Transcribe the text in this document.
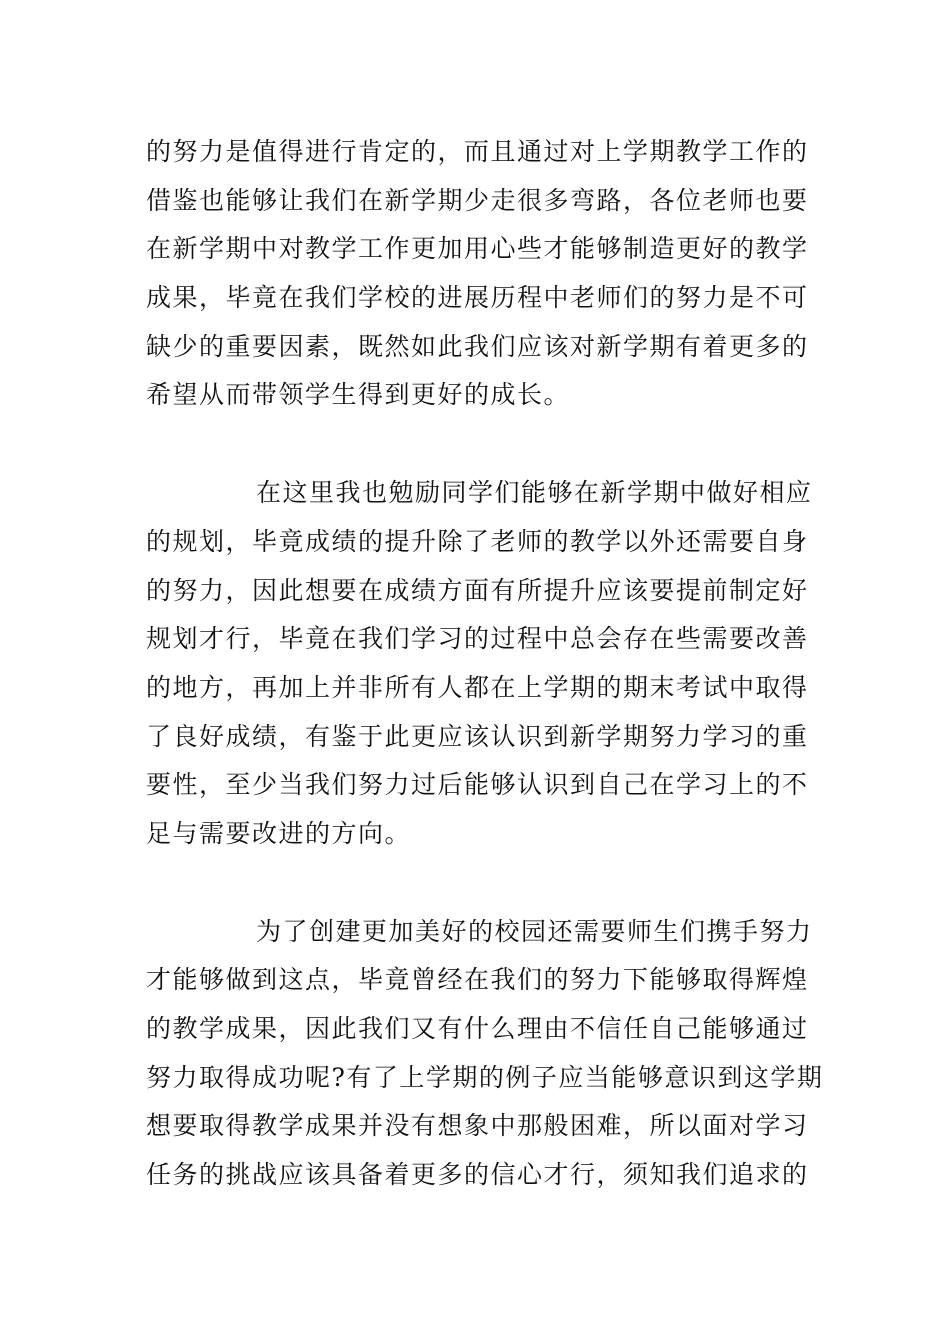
的努力是值得进行肯定的，而且通过对上学期教学工作的
借鉴也能够让我们在新学期少走很多弯路，各位老师也要
在新学期中对教学工作更加用心些才能够制造更好的教学
成果，毕竟在我们学校的进展历程中老师们的努力是不可
缺少的重要因素，既然如此我们应该对新学期有着更多的
希望从而带领学生得到更好的成长。
在这里我也勉励同学们能够在新学期中做好相应
的规划，毕竟成绩的提升除了老师的教学以外还需要自身
的努力，因此想要在成绩方面有所提升应该要提前制定好
规划才行，毕竟在我们学习的过程中总会存在些需要改善
的地方，再加上并非所有人都在上学期的期末考试中取得
了良好成绩，有鉴于此更应该认识到新学期努力学习的重
要性，至少当我们努力过后能够认识到自己在学习上的不
足与需要改进的方向。
为了创建更加美好的校园还需要师生们携手努力
才能够做到这点，毕竟曾经在我们的努力下能够取得辉煌
的教学成果，因此我们又有什么理由不信任自己能够通过
努力取得成功呢?有了上学期的例子应当能够意识到这学期
想要取得教学成果并没有想象中那般困难，所以面对学习
任务的挑战应该具备着更多的信心才行，须知我们追求的
